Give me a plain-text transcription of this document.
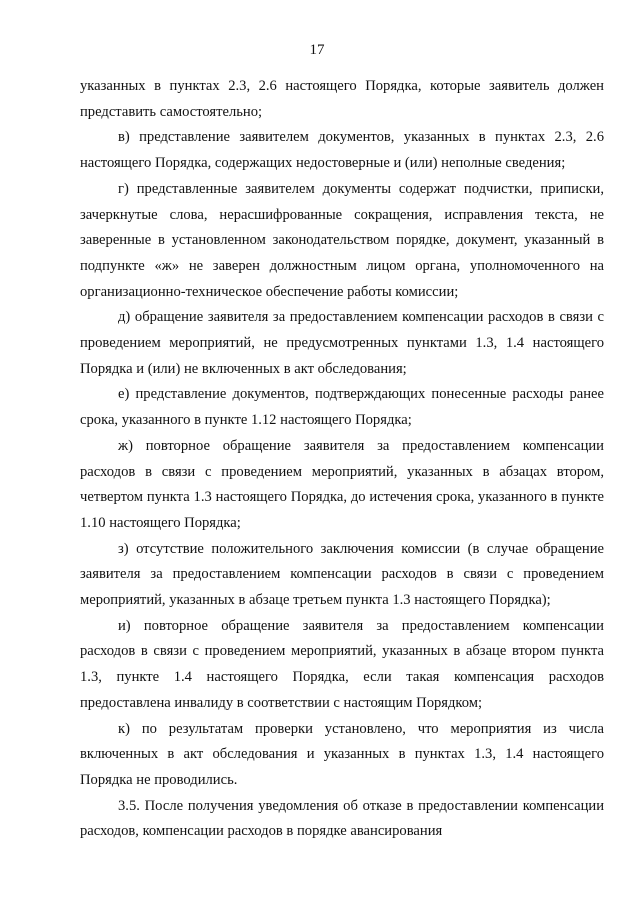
17

указанных в пунктах 2.3, 2.6 настоящего Порядка, которые заявитель должен представить самостоятельно;

в) представление заявителем документов, указанных в пунктах 2.3, 2.6 настоящего Порядка, содержащих недостоверные и (или) неполные сведения;

г) представленные заявителем документы содержат подчистки, приписки, зачеркнутые слова, нерасшифрованные сокращения, исправления текста, не заверенные в установленном законодательством порядке, документ, указанный в подпункте «ж» не заверен должностным лицом органа, уполномоченного на организационно-техническое обеспечение работы комиссии;

д) обращение заявителя за предоставлением компенсации расходов в связи с проведением мероприятий, не предусмотренных пунктами 1.3, 1.4 настоящего Порядка и (или) не включенных в акт обследования;

е) представление документов, подтверждающих понесенные расходы ранее срока, указанного в пункте 1.12 настоящего Порядка;

ж) повторное обращение заявителя за предоставлением компенсации расходов в связи с проведением мероприятий, указанных в абзацах втором, четвертом пункта 1.3 настоящего Порядка, до истечения срока, указанного в пункте 1.10 настоящего Порядка;

з) отсутствие положительного заключения комиссии (в случае обращение заявителя за предоставлением компенсации расходов в связи с проведением мероприятий, указанных в абзаце третьем пункта 1.3 настоящего Порядка);

и) повторное обращение заявителя за предоставлением компенсации расходов в связи с проведением мероприятий, указанных в абзаце втором пункта 1.3, пункте 1.4 настоящего Порядка, если такая компенсация расходов предоставлена инвалиду в соответствии с настоящим Порядком;

к) по результатам проверки установлено, что мероприятия из числа включенных в акт обследования и указанных в пунктах 1.3, 1.4 настоящего Порядка не проводились.

3.5. После получения уведомления об отказе в предоставлении компенсации расходов, компенсации расходов в порядке авансирования
